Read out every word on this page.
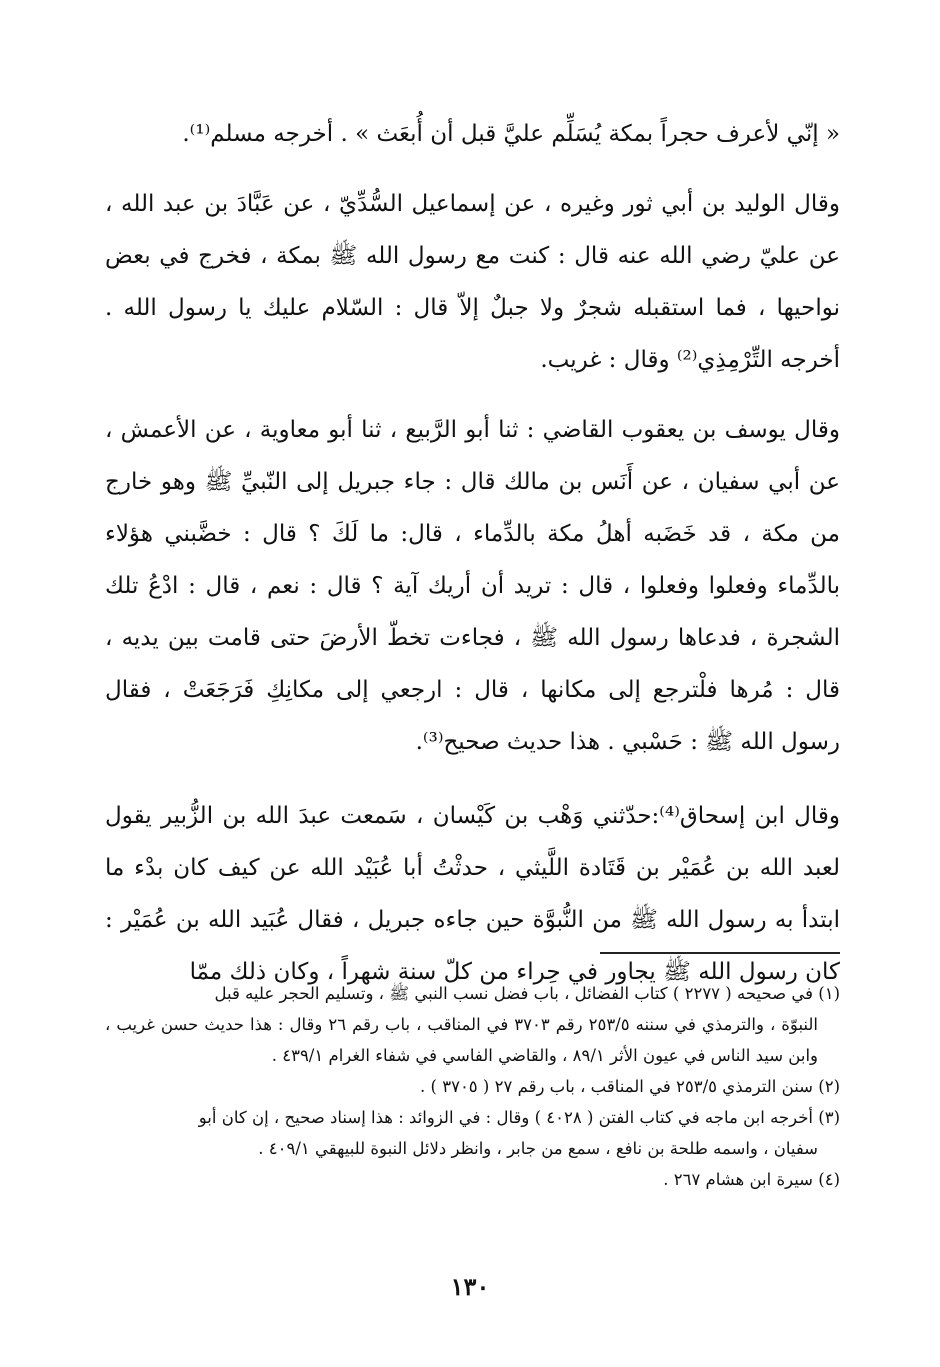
« إنّي لأعرف حجراً بمكة يُسَلِّم عليَّ قبل أن أُبعَث » . أخرجه مسلم⁽¹⁾.

وقال الوليد بن أبي ثور وغيره ، عن إسماعيل السُّدِّيّ ، عن عَبَّادَ بن عبد الله ، عن عليّ رضي الله عنه قال : كنت مع رسول الله ﷺ بمكة ، فخرج في بعض نواحيها ، فما استقبله شجرٌ ولا جبلٌ إلاّ قال : السّلام عليك يا رسول الله . أخرجه التِّرْمِذِي⁽²⁾ وقال : غريب.

وقال يوسف بن يعقوب القاضي : ثنا أبو الرَّبيع ، ثنا أبو معاوية ، عن الأعمش ، عن أبي سفيان ، عن أَنَس بن مالك قال : جاء جبريل إلى النّبيِّ ﷺ وهو خارج من مكة ، قد خَضَبه أهلُ مكة بالدِّماء ، قال: ما لَكَ ؟ قال : خضَّبني هؤلاء بالدِّماء وفعلوا وفعلوا ، قال : تريد أن أريك آية ؟ قال : نعم ، قال : ادْعُ تلك الشجرة ، فدعاها رسول الله ﷺ ، فجاءت تخطّ الأرضَ حتى قامت بين يديه ، قال : مُرها فلْترجع إلى مكانها ، قال : ارجعي إلى مكانِكِ فَرَجَعَتْ ، فقال رسول الله ﷺ : حَسْبي . هذا حديث صحيح⁽³⁾.

وقال ابن إسحاق⁽⁴⁾:حدّثني وَهْب بن كَيْسان ، سَمعت عبدَ الله بن الزُّبير يقول لعبد الله بن عُمَيْر بن قَتَادة اللَّيثي ، حدثْتُ أبا عُبَيْد الله عن كيف كان بدْء ما ابتدأ به رسول الله ﷺ من النُّبوَّة حين جاءه جبريل ، فقال عُبَيد الله بن عُمَيْر : كان رسول الله ﷺ يجاور في حِراء من كلّ سنة شهراً ، وكان ذلك ممّا

(١) في صحيحه ( ٢٢٧٧ ) كتاب الفضائل ، باب فضل نسب النبي ﷺ ، وتسليم الحجر عليه قبل

النبوّة ، والترمذي في سننه ٢٥٣/٥ رقم ٣٧٠٣ في المناقب ، باب رقم ٢٦ وقال : هذا حديث حسن غريب ، وابن سيد الناس في عيون الأثر ٨٩/١ ، والقاضي الفاسي في شفاء الغرام ٤٣٩/١ .

(٢) سنن الترمذي ٢٥٣/٥ في المناقب ، باب رقم ٢٧ ( ٣٧٠٥ ) .

(٣) أخرجه ابن ماجه في كتاب الفتن ( ٤٠٢٨ ) وقال : في الزوائد : هذا إسناد صحيح ، إن كان أبو

سفيان ، واسمه طلحة بن نافع ، سمع من جابر ، وانظر دلائل النبوة للبيهقي ٤٠٩/١ .

(٤) سيرة ابن هشام ٢٦٧ .

١٣٠
